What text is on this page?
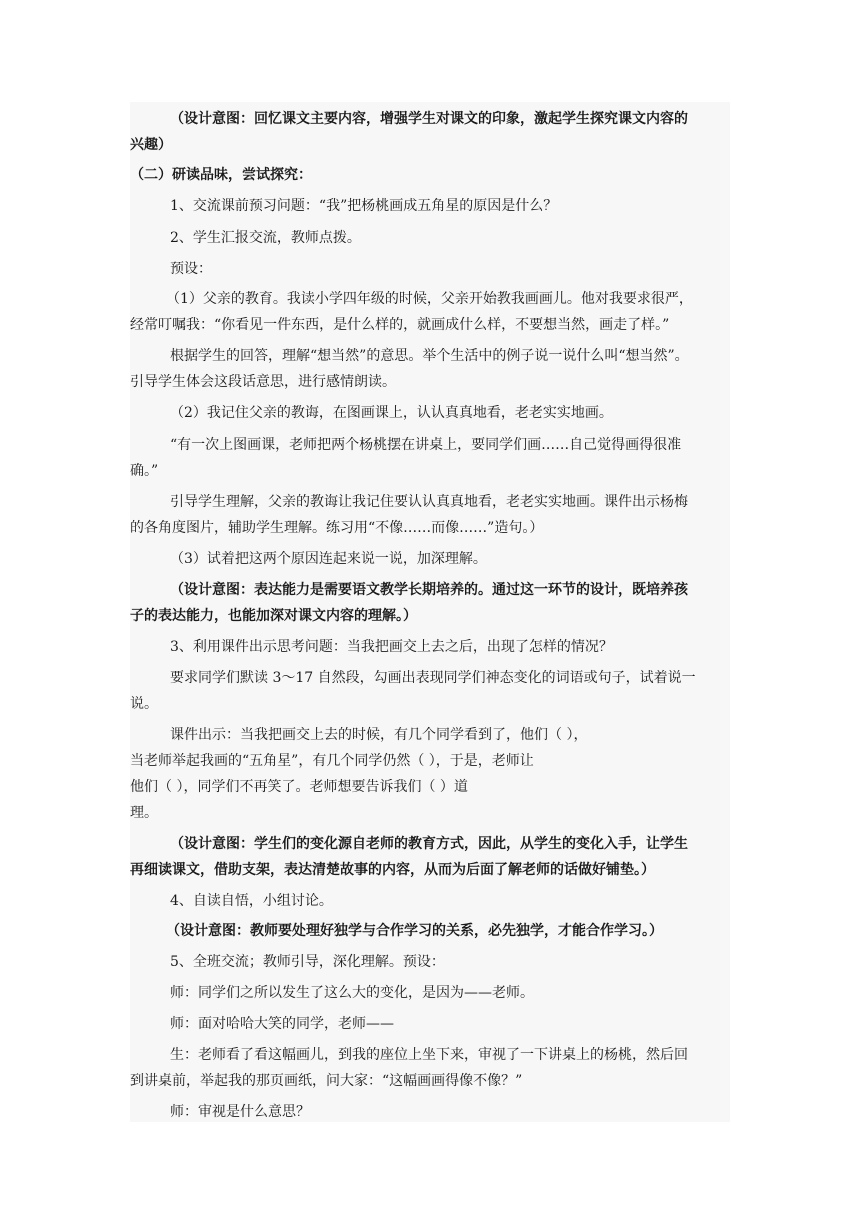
（设计意图：回忆课文主要内容，增强学生对课文的印象，激起学生探究课文内容的

兴趣）

（二）研读品味，尝试探究：

1、交流课前预习问题：“我”把杨桃画成五角星的原因是什么？

2、学生汇报交流，教师点拨。

预设：

（1）父亲的教育。我读小学四年级的时候，父亲开始教我画画儿。他对我要求很严，

经常叮嘱我：“你看见一件东西，是什么样的，就画成什么样，不要想当然，画走了样。”

根据学生的回答，理解“想当然”的意思。举个生活中的例子说一说什么叫“想当然”。

引导学生体会这段话意思，进行感情朗读。

（2）我记住父亲的教诲，在图画课上，认认真真地看，老老实实地画。

“有一次上图画课，老师把两个杨桃摆在讲桌上，要同学们画……自己觉得画得很准

确。”

引导学生理解，父亲的教诲让我记住要认认真真地看，老老实实地画。课件出示杨梅

的各角度图片，辅助学生理解。练习用“不像……而像……”造句。）

（3）试着把这两个原因连起来说一说，加深理解。

（设计意图：表达能力是需要语文教学长期培养的。通过这一环节的设计，既培养孩

子的表达能力，也能加深对课文内容的理解。）

3、利用课件出示思考问题：当我把画交上去之后，出现了怎样的情况？

要求同学们默读 3～17 自然段，勾画出表现同学们神态变化的词语或句子，试着说一

说。

课件出示：当我把画交上去的时候，有几个同学看到了，他们（ ），

当老师举起我画的“五角星”，有几个同学仍然（ ），于是，老师让

他们（ ），同学们不再笑了。老师想要告诉我们（ ）道

理。

（设计意图：学生们的变化源自老师的教育方式，因此，从学生的变化入手，让学生

再细读课文，借助支架，表达清楚故事的内容，从而为后面了解老师的话做好铺垫。）

4、自读自悟，小组讨论。

（设计意图：教师要处理好独学与合作学习的关系，必先独学，才能合作学习。）

5、全班交流；教师引导，深化理解。预设：

师：同学们之所以发生了这么大的变化，是因为——老师。

师：面对哈哈大笑的同学，老师——

生：老师看了看这幅画儿，到我的座位上坐下来，审视了一下讲桌上的杨桃，然后回

到讲桌前，举起我的那页画纸，问大家：“这幅画画得像不像？”

师：审视是什么意思？
